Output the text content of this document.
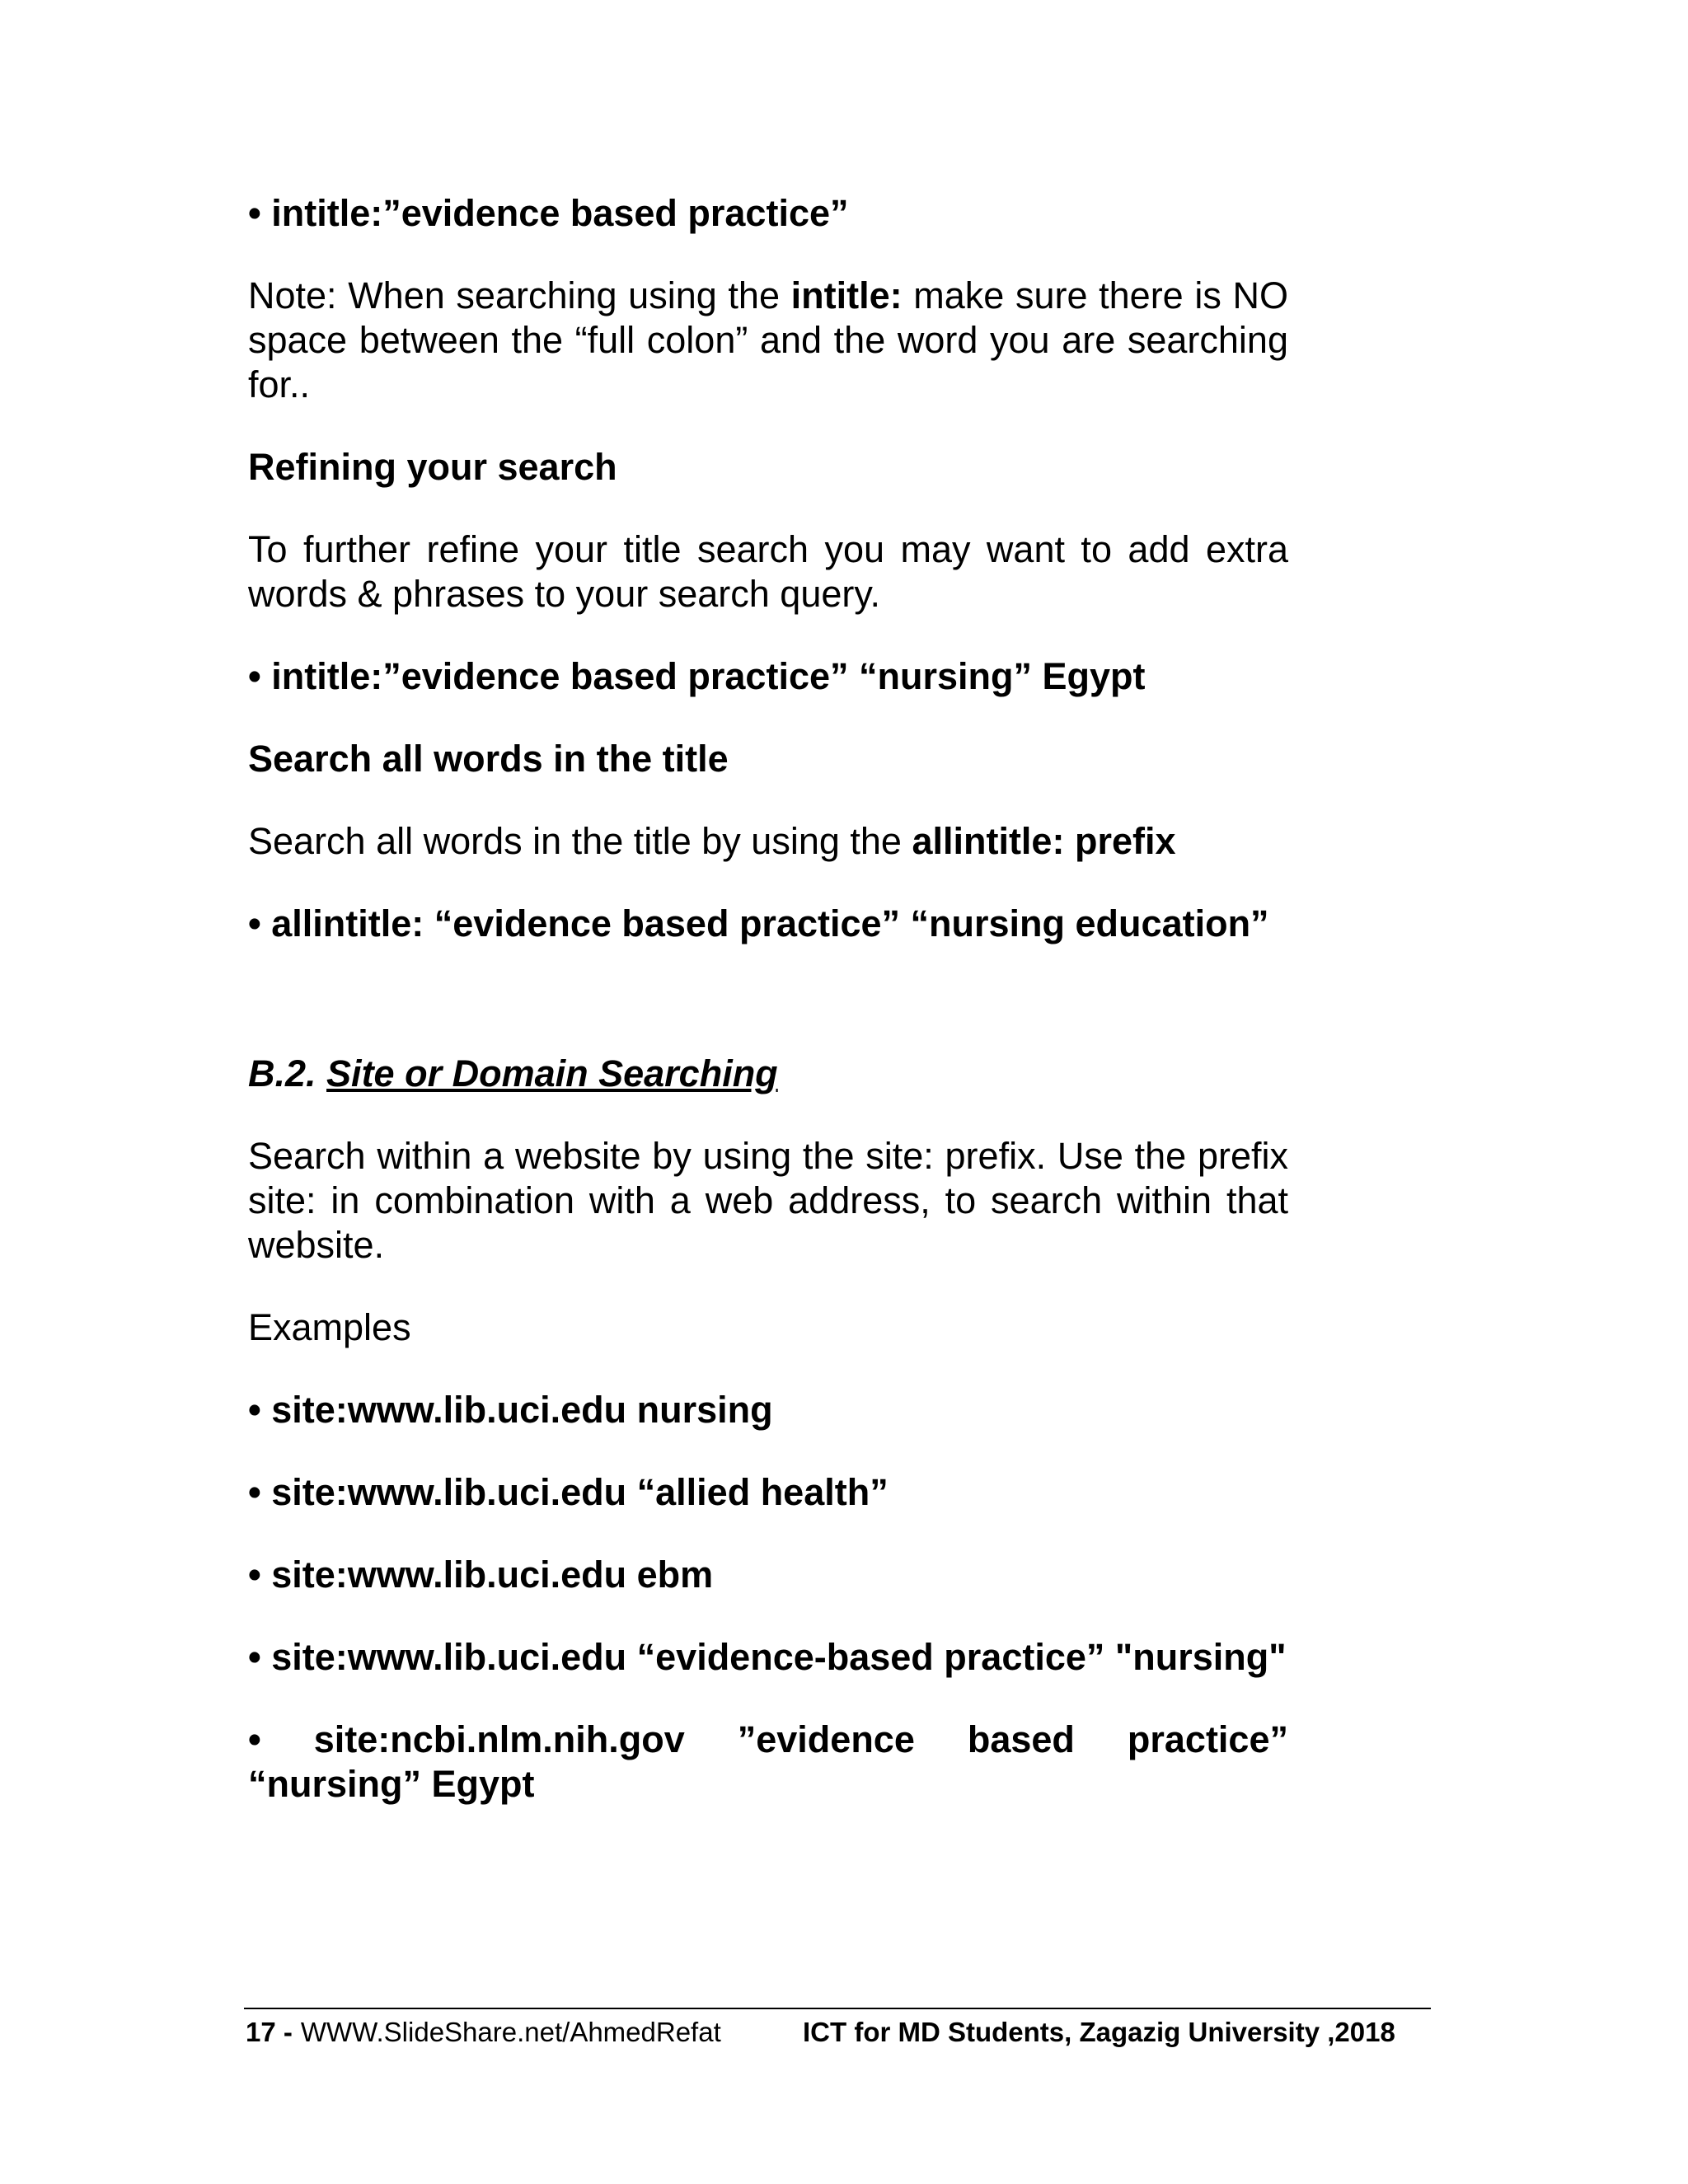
• intitle:”evidence based practice”

Note: When searching using the intitle: make sure there is NO space between the “full colon” and the word you are searching for..

Refining your search

To further refine your title search you may want to add extra words & phrases to your search query.

• intitle:”evidence based practice” “nursing” Egypt

Search all words in the title

Search all words in the title by using the allintitle: prefix

• allintitle: “evidence based practice” “nursing education”

B.2. Site or Domain Searching

Search within a website by using the site: prefix. Use the prefix site: in combination with a web address, to search within that website.

Examples

• site:www.lib.uci.edu nursing

• site:www.lib.uci.edu “allied health”

• site:www.lib.uci.edu ebm

• site:www.lib.uci.edu “evidence-based practice” "nursing"

• site:ncbi.nlm.nih.gov ”evidence based practice” “nursing” Egypt

17 - WWW.SlideShare.net/AhmedRefat	ICT for MD Students, Zagazig University ,2018
